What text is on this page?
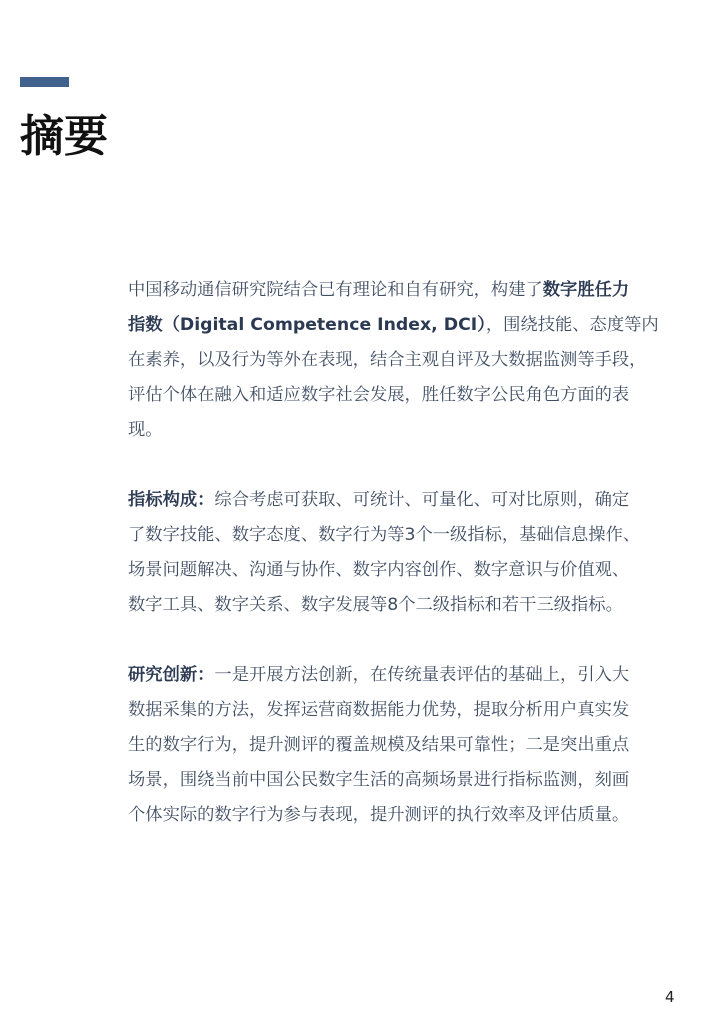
摘要

中国移动通信研究院结合已有理论和自有研究，构建了数字胜任力
指数（Digital Competence Index, DCI），围绕技能、态度等内
在素养，以及行为等外在表现，结合主观自评及大数据监测等手段，
评估个体在融入和适应数字社会发展，胜任数字公民角色方面的表
现。

指标构成：综合考虑可获取、可统计、可量化、可对比原则，确定
了数字技能、数字态度、数字行为等3个一级指标，基础信息操作、
场景问题解决、沟通与协作、数字内容创作、数字意识与价值观、
数字工具、数字关系、数字发展等8个二级指标和若干三级指标。

研究创新：一是开展方法创新，在传统量表评估的基础上，引入大
数据采集的方法，发挥运营商数据能力优势，提取分析用户真实发
生的数字行为，提升测评的覆盖规模及结果可靠性；二是突出重点
场景，围绕当前中国公民数字生活的高频场景进行指标监测，刻画
个体实际的数字行为参与表现，提升测评的执行效率及评估质量。

4
